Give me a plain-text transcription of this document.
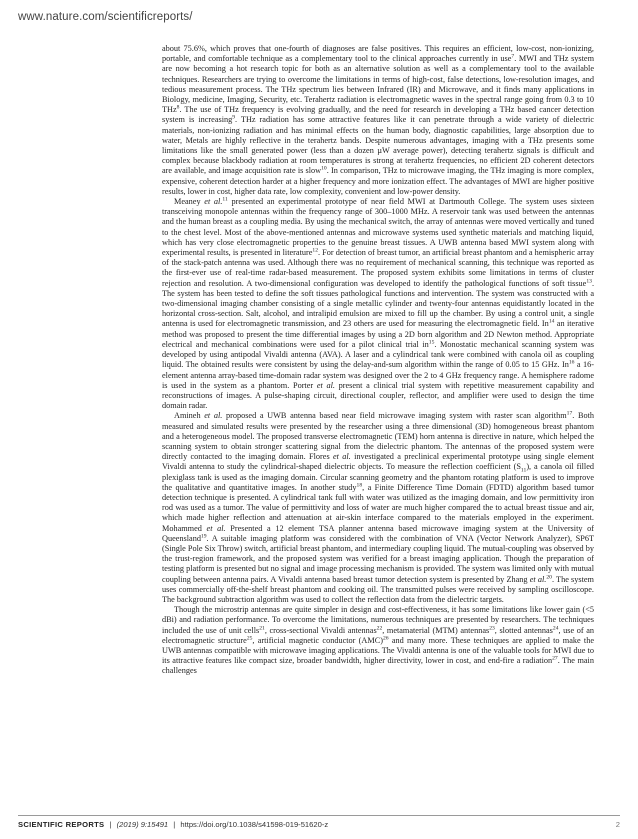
www.nature.com/scientificreports/

about 75.6%, which proves that one-fourth of diagnoses are false positives. This requires an efficient, low-cost, non-ionizing, portable, and comfortable technique as a complementary tool to the clinical approaches currently in use$^7$. MWI and THz system are now becoming a hot research topic for both as an alternative solution as well as a complementary tool to the available techniques. Researchers are trying to overcome the limitations in terms of high-cost, false detections, low-resolution images, and tedious measurement process. The THz spectrum lies between Infrared (IR) and Microwave, and it finds many applications in Biology, medicine, Imaging, Security, etc. Terahertz radiation is electromagnetic waves in the spectral range going from 0.3 to 10 THz$^8$. The use of THz frequency is evolving gradually, and the need for research in developing a THz based cancer detection system is increasing$^9$. THz radiation has some attractive features like it can penetrate through a wide variety of dielectric materials, non-ionizing radiation and has minimal effects on the human body, diagnostic capabilities, large absorption due to water, Metals are highly reflective in the terahertz bands. Despite numerous advantages, imaging with a THz presents some limitations like the small generated power (less than a dozen µW average power), detecting terahertz signals is difficult and complex because blackbody radiation at room temperatures is strong at terahertz frequencies, no efficient 2D coherent detectors are available, and image acquisition rate is slow$^{10}$. In comparison, THz to microwave imaging, the THz imaging is more complex, expensive, coherent detection harder at a higher frequency and more ionization effect. The advantages of MWI are higher positive results, lower in cost, higher data rate, low complexity, convenient and low-power density.

Meaney et al.$^{11}$ presented an experimental prototype of near field MWI at Dartmouth College. The system uses sixteen transceiving monopole antennas within the frequency range of 300–1000 MHz. A reservoir tank was used between the antennas and the human breast as a coupling media. By using the mechanical switch, the array of antennas were moved vertically and tuned to the chest level. Most of the above-mentioned antennas and microwave systems used synthetic materials and matching liquid, which has very close electromagnetic properties to the genuine breast tissues. A UWB antenna based MWI system along with experimental results, is presented in literature$^{12}$. For detection of breast tumor, an artificial breast phantom and a hemispheric array of the stack-patch antenna was used. Although there was no requirement of mechanical scanning, this technique was reported as the first-ever use of real-time radar-based measurement. The proposed system exhibits some limitations in terms of cluster rejection and resolution. A two-dimensional configuration was developed to identify the pathological functions of soft tissue$^{13}$. The system has been tested to define the soft tissues pathological functions and intervention. The system was constructed with a two-dimensional imaging chamber consisting of a single metallic cylinder and twenty-four antennas equidistantly located in the horizontal cross-section. Salt, alcohol, and intralipid emulsion are mixed to fill up the chamber. By using a control unit, a single antenna is used for electromagnetic transmission, and 23 others are used for measuring the electromagnetic field. In$^{14}$ an iterative method was proposed to present the time differential images by using a 2D born algorithm and 2D Newton method. Appropriate electrical and mechanical combinations were used for a pilot clinical trial $in^{15}$. Monostatic mechanical scanning system was developed by using antipodal Vivaldi antenna (AVA). A laser and a cylindrical tank were combined with canola oil as coupling liquid. The obtained results were consistent by using the delay-and-sum algorithm within the range of 0.05 to 15 GHz. In$^{16}$ a 16-element antenna array-based time-domain radar system was designed over the 2 to 4 GHz frequency range. A hemisphere radome is used in the system as a phantom. Porter et al. present a clinical trial system with repetitive measurement capability and reconstructions of images. A pulse-shaping circuit, directional coupler, reflector, and amplifier were used to design the time domain radar.

Amineh et al. proposed a UWB antenna based near field microwave imaging system with raster scan algorithm$^{17}$. Both measured and simulated results were presented by the researcher using a three dimensional (3D) homogeneous breast phantom and a heterogeneous model. The proposed transverse electromagnetic (TEM) horn antenna is directive in nature, which helped the scanning system to obtain stronger scattering signal from the dielectric phantom. The antennas of the proposed system were directly contacted to the imaging domain. Flores et al. investigated a preclinical experimental prototype using single element Vivaldi antenna to study the cylindrical-shaped dielectric objects. To measure the reflection coefficient $(S_{11})$, a canola oil filled plexiglass tank is used as the imaging domain. Circular scanning geometry and the phantom rotating platform is used to improve the qualitative and quantitative images. In another study$^{18}$, a Finite Difference Time Domain (FDTD) algorithm based tumor detection technique is presented. A cylindrical tank full with water was utilized as the imaging domain, and low permittivity iron rod was used as a tumor. The value of permittivity and loss of water are much higher compared the to actual breast tissue and air, which made higher reflection and attenuation at air-skin interface compared to the materials employed in the experiment. Mohammed et al. Presented a 12 element TSA planner antenna based microwave imaging system at the University of Queensland$^{19}$. A suitable imaging platform was considered with the combination of VNA (Vector Network Analyzer), SP6T (Single Pole Six Throw) switch, artificial breast phantom, and intermediary coupling liquid. The mutual-coupling was observed by the trust-region framework, and the proposed system was verified for a breast imaging application. Though the preparation of testing platform is presented but no signal and image processing mechanism is provided. The system was limited only with mutual coupling between antenna pairs. A Vivaldi antenna based breast tumor detection system is presented by Zhang et al.$^{20}$. The system uses commercially off-the-shelf breast phantom and cooking oil. The transmitted pulses were received by sampling oscilloscope. The background subtraction algorithm was used to collect the reflection data from the dielectric targets.

Though the microstrip antennas are quite simpler in design and cost-effectiveness, it has some limitations like lower gain (<5 dBi) and radiation performance. To overcome the limitations, numerous techniques are presented by researchers. The techniques included the use of unit cells$^{21}$, cross-sectional Vivaldi antennas$^{22}$, metamaterial (MTM) antennas$^{23}$, slotted antennas$^{24}$, use of an electromagnetic structure$^{25}$, artificial magnetic conductor (AMC)$^{26}$ and many more. These techniques are applied to make the UWB antennas compatible with microwave imaging applications. The Vivaldi antenna is one of the valuable tools for MWI due to its attractive features like compact size, broader bandwidth, higher directivity, lower in cost, and end-fire a radiation$^{27}$. The main challenges

SCIENTIFIC REPORTS | (2019) 9:15491 | https://doi.org/10.1038/s41598-019-51620-z	2
